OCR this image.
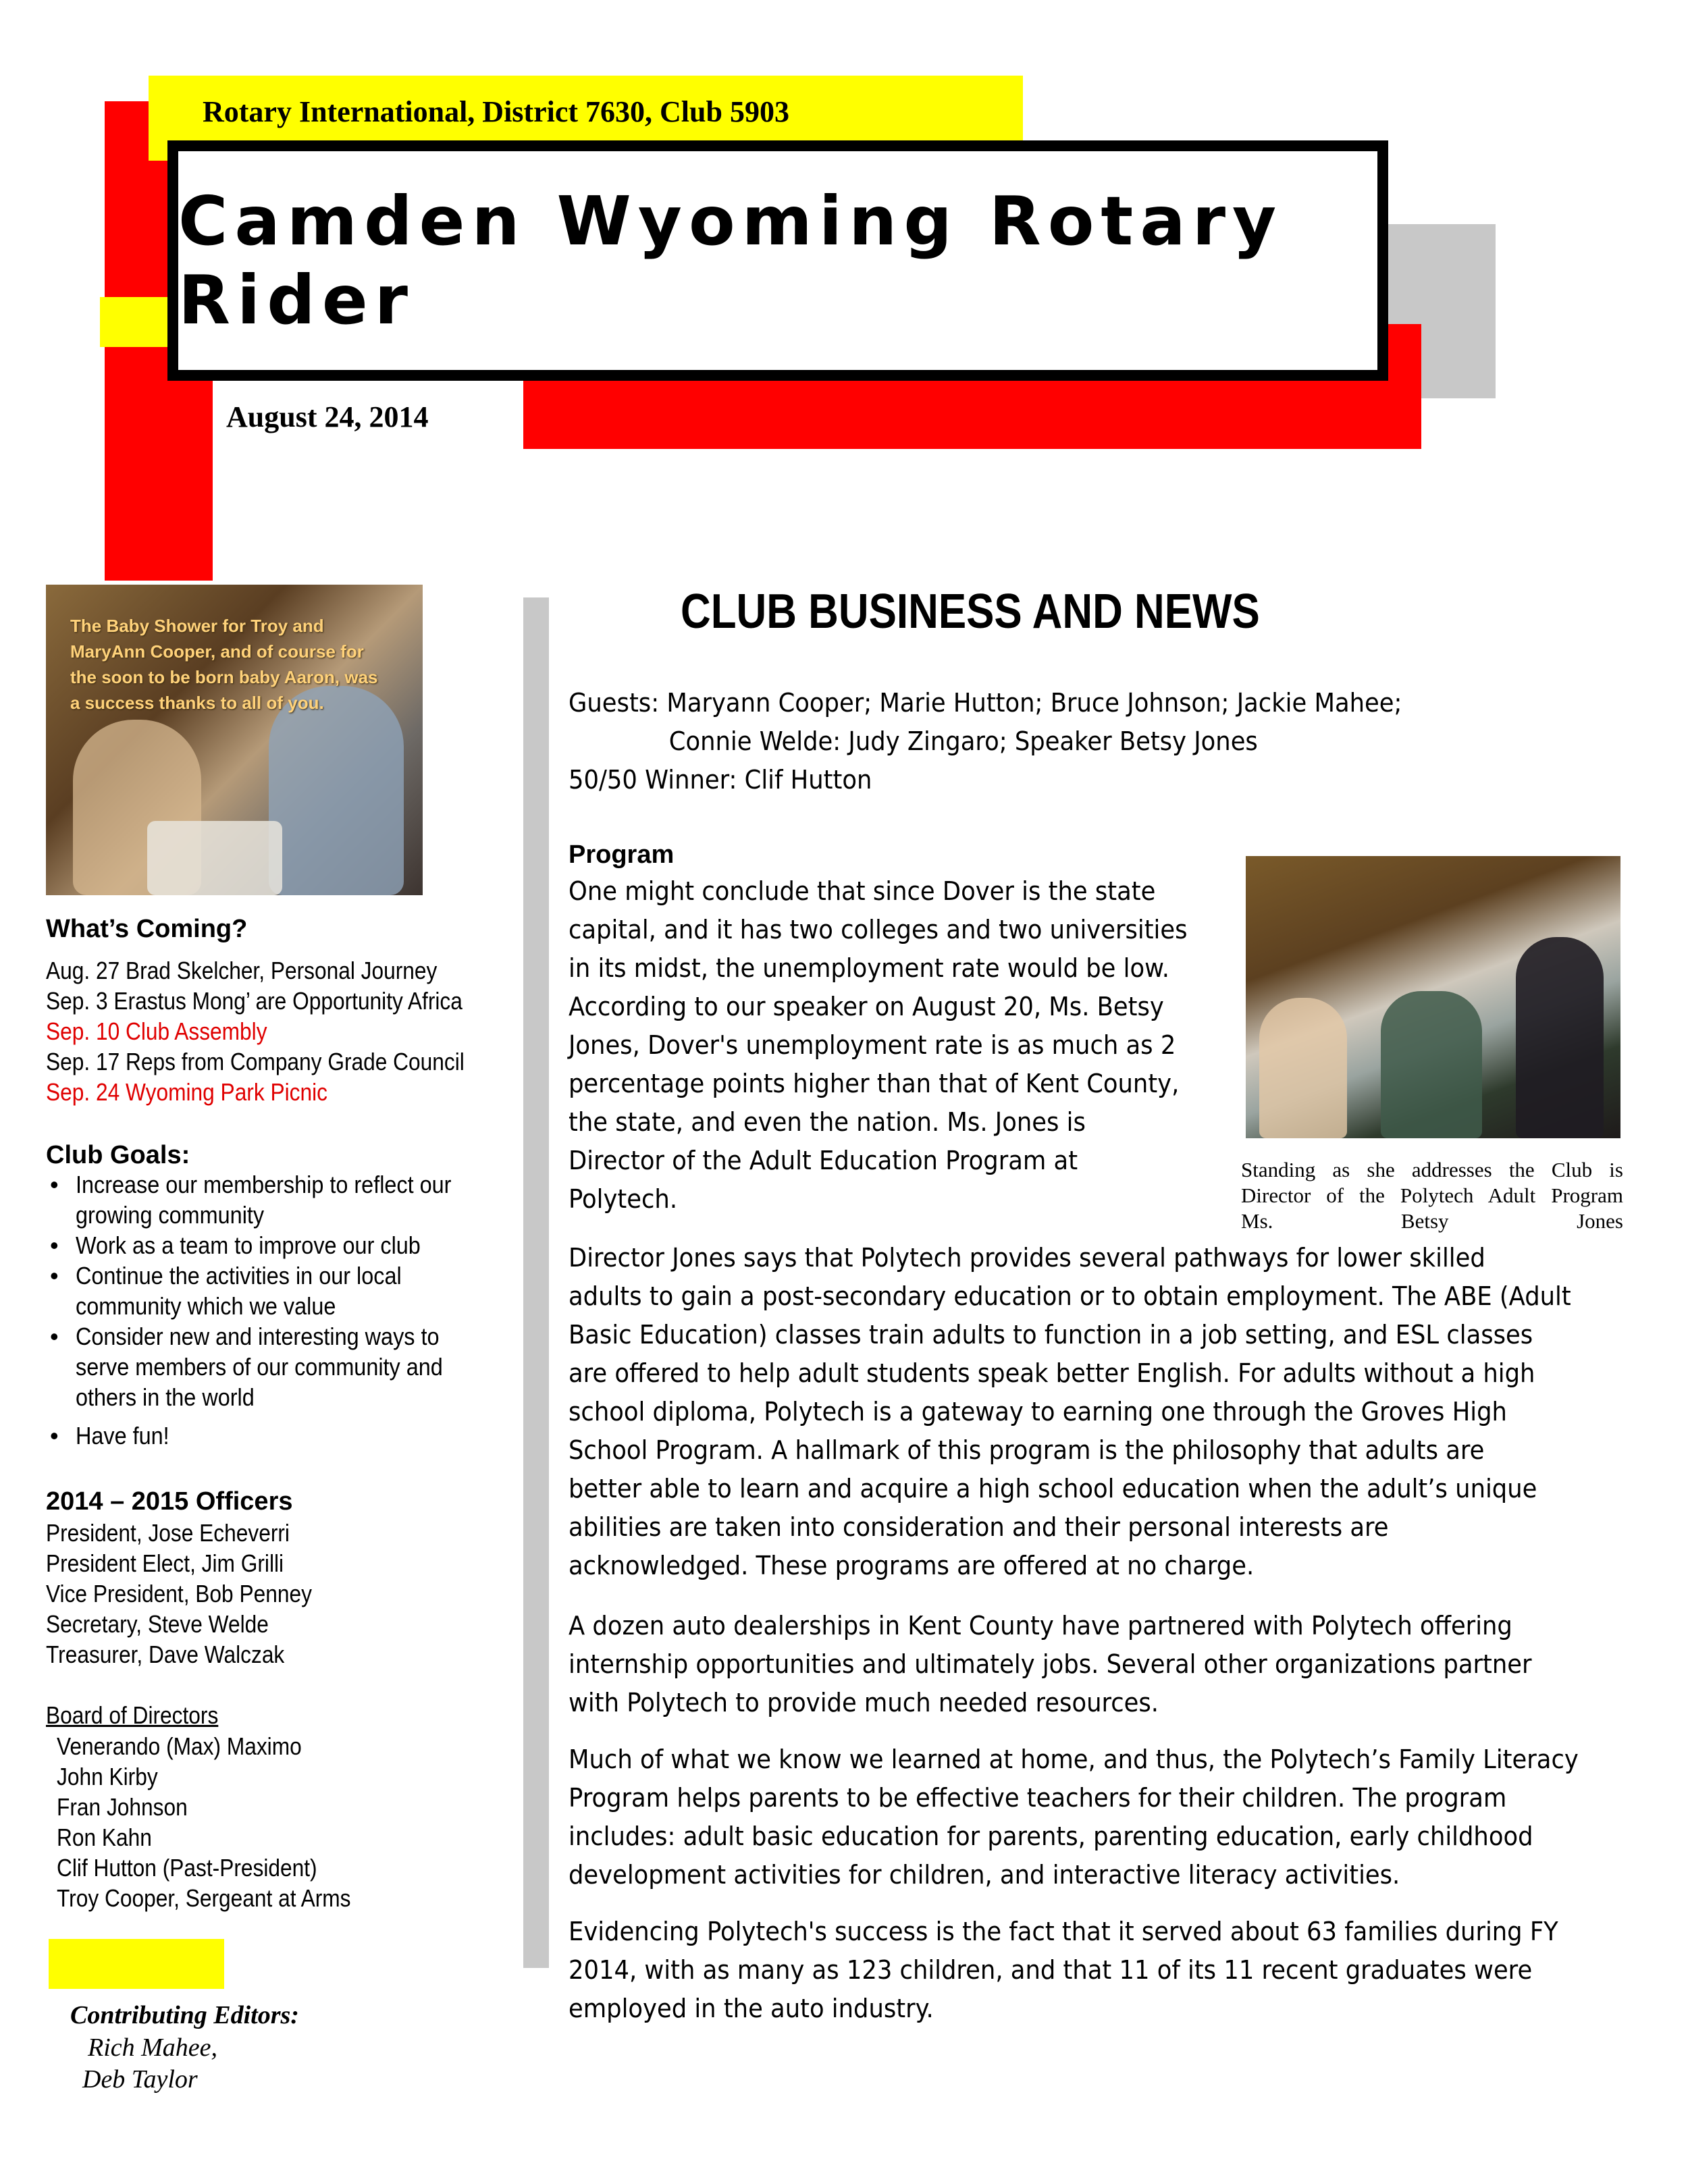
Rotary International, District 7630, Club 5903
Camden Wyoming Rotary Rider
August 24, 2014
The Baby Shower for Troy and
MaryAnn Cooper, and of course for
the soon to be born baby Aaron, was
a success thanks to all of you.
What’s Coming?
Aug. 27 Brad Skelcher, Personal Journey
Sep. 3 Erastus Mong’ are Opportunity Africa
Sep. 10 Club Assembly
Sep. 17 Reps from Company Grade Council
Sep. 24 Wyoming Park Picnic
Club Goals:
• Increase our membership to reflect our
growing community
• Work as a team to improve our club
• Continue the activities in our local
community which we value
• Consider new and interesting ways to
serve members of our community and
others in the world
• Have fun!
2014 – 2015 Officers
President, Jose Echeverri
President Elect, Jim Grilli
Vice President, Bob Penney
Secretary, Steve Welde
Treasurer, Dave Walczak
Board of Directors
Venerando (Max) Maximo
John Kirby
Fran Johnson
Ron Kahn
Clif Hutton (Past-President)
Troy Cooper, Sergeant at Arms
Contributing Editors:
Rich Mahee,
Deb Taylor
CLUB BUSINESS AND NEWS
Guests: Maryann Cooper; Marie Hutton; Bruce Johnson; Jackie Mahee;
Connie Welde: Judy Zingaro; Speaker Betsy Jones
50/50 Winner: Clif Hutton
Program
One might conclude that since Dover is the state
capital, and it has two colleges and two universities
in its midst, the unemployment rate would be low.
According to our speaker on August 20, Ms. Betsy
Jones, Dover's unemployment rate is as much as 2
percentage points higher than that of Kent County,
the state, and even the nation. Ms. Jones is
Director of the Adult Education Program at
Polytech.
Standing as she addresses the Club is
Director of the Polytech Adult Program
Ms. Betsy Jones
Director Jones says that Polytech provides several pathways for lower skilled
adults to gain a post-secondary education or to obtain employment. The ABE (Adult
Basic Education) classes train adults to function in a job setting, and ESL classes
are offered to help adult students speak better English. For adults without a high
school diploma, Polytech is a gateway to earning one through the Groves High
School Program. A hallmark of this program is the philosophy that adults are
better able to learn and acquire a high school education when the adult’s unique
abilities are taken into consideration and their personal interests are
acknowledged. These programs are offered at no charge.
A dozen auto dealerships in Kent County have partnered with Polytech offering
internship opportunities and ultimately jobs. Several other organizations partner
with Polytech to provide much needed resources.
Much of what we know we learned at home, and thus, the Polytech’s Family Literacy
Program helps parents to be effective teachers for their children. The program
includes: adult basic education for parents, parenting education, early childhood
development activities for children, and interactive literacy activities.
Evidencing Polytech's success is the fact that it served about 63 families during FY
2014, with as many as 123 children, and that 11 of its 11 recent graduates were
employed in the auto industry.
